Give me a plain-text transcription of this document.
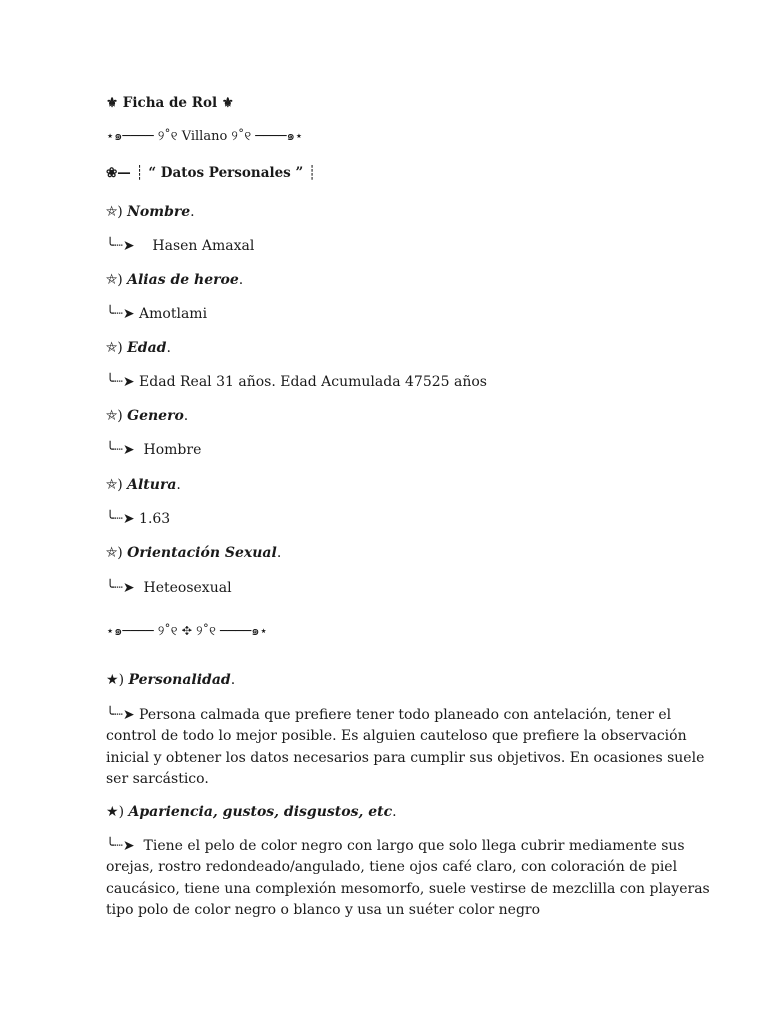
⚜ Ficha de Rol ⚜
⋆๑──── ୨˚୧ Villano ୨˚୧ ────๑⋆
❀— ┊ “ Datos Personales ” ┊
⛤) Nombre.
╰┈➤ Hasen Amaxal
⛤) Alias de heroe.
╰┈➤ Amotlami
⛤) Edad.
╰┈➤ Edad Real 31 años. Edad Acumulada 47525 años
⛤) Genero.
╰┈➤ Hombre
⛤) Altura.
╰┈➤ 1.63
⛤) Orientación Sexual.
╰┈➤ Heteosexual
⋆๑──── ୨˚୧ ✥ ୨˚୧ ────๑⋆
★) Personalidad.
╰┈➤ Persona calmada que prefiere tener todo planeado con antelación, tener el
control de todo lo mejor posible. Es alguien cauteloso que prefiere la observación
inicial y obtener los datos necesarios para cumplir sus objetivos. En ocasiones suele
ser sarcástico.
★) Apariencia, gustos, disgustos, etc.
╰┈➤ Tiene el pelo de color negro con largo que solo llega cubrir mediamente sus
orejas, rostro redondeado/angulado, tiene ojos café claro, con coloración de piel
caucásico, tiene una complexión mesomorfo, suele vestirse de mezclilla con playeras
tipo polo de color negro o blanco y usa un suéter color negro
